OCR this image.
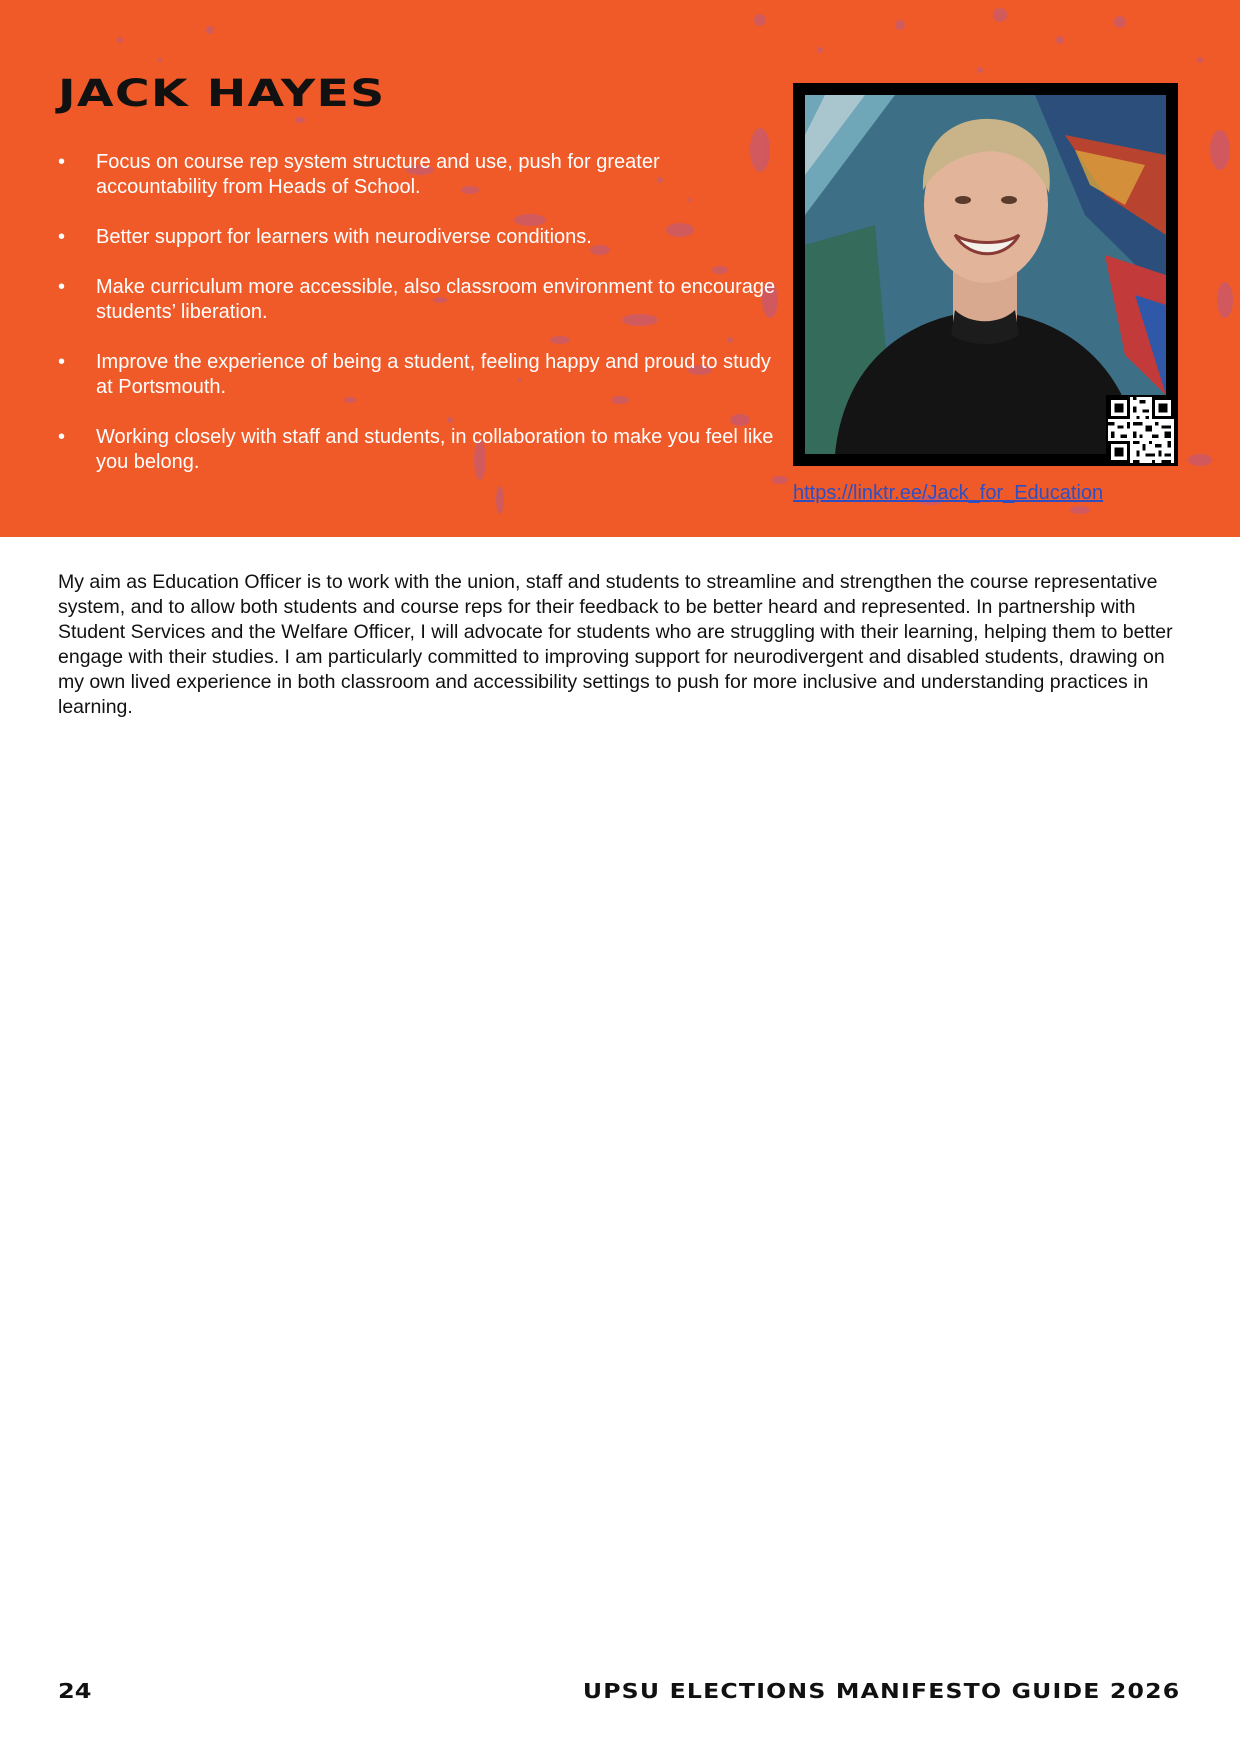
JACK HAYES
• Focus on course rep system structure and use, push for greater accountability from Heads of School.
• Better support for learners with neurodiverse conditions.
• Make curriculum more accessible, also classroom environment to encourage students’ liberation.
• Improve the experience of being a student, feeling happy and proud to study at Portsmouth.
• Working closely with staff and students, in collaboration to make you feel like you belong.
https://linktr.ee/Jack_for_Education

My aim as Education Officer is to work with the union, staff and students to streamline and strengthen the course representative system, and to allow both students and course reps for their feedback to be better heard and represented. In partnership with Student Services and the Welfare Officer, I will advocate for students who are struggling with their learning, helping them to better engage with their studies. I am particularly committed to improving support for neurodivergent and disabled students, drawing on my own lived experience in both classroom and accessibility settings to push for more inclusive and understanding practices in learning.

24	UPSU ELECTIONS MANIFESTO GUIDE 2026
